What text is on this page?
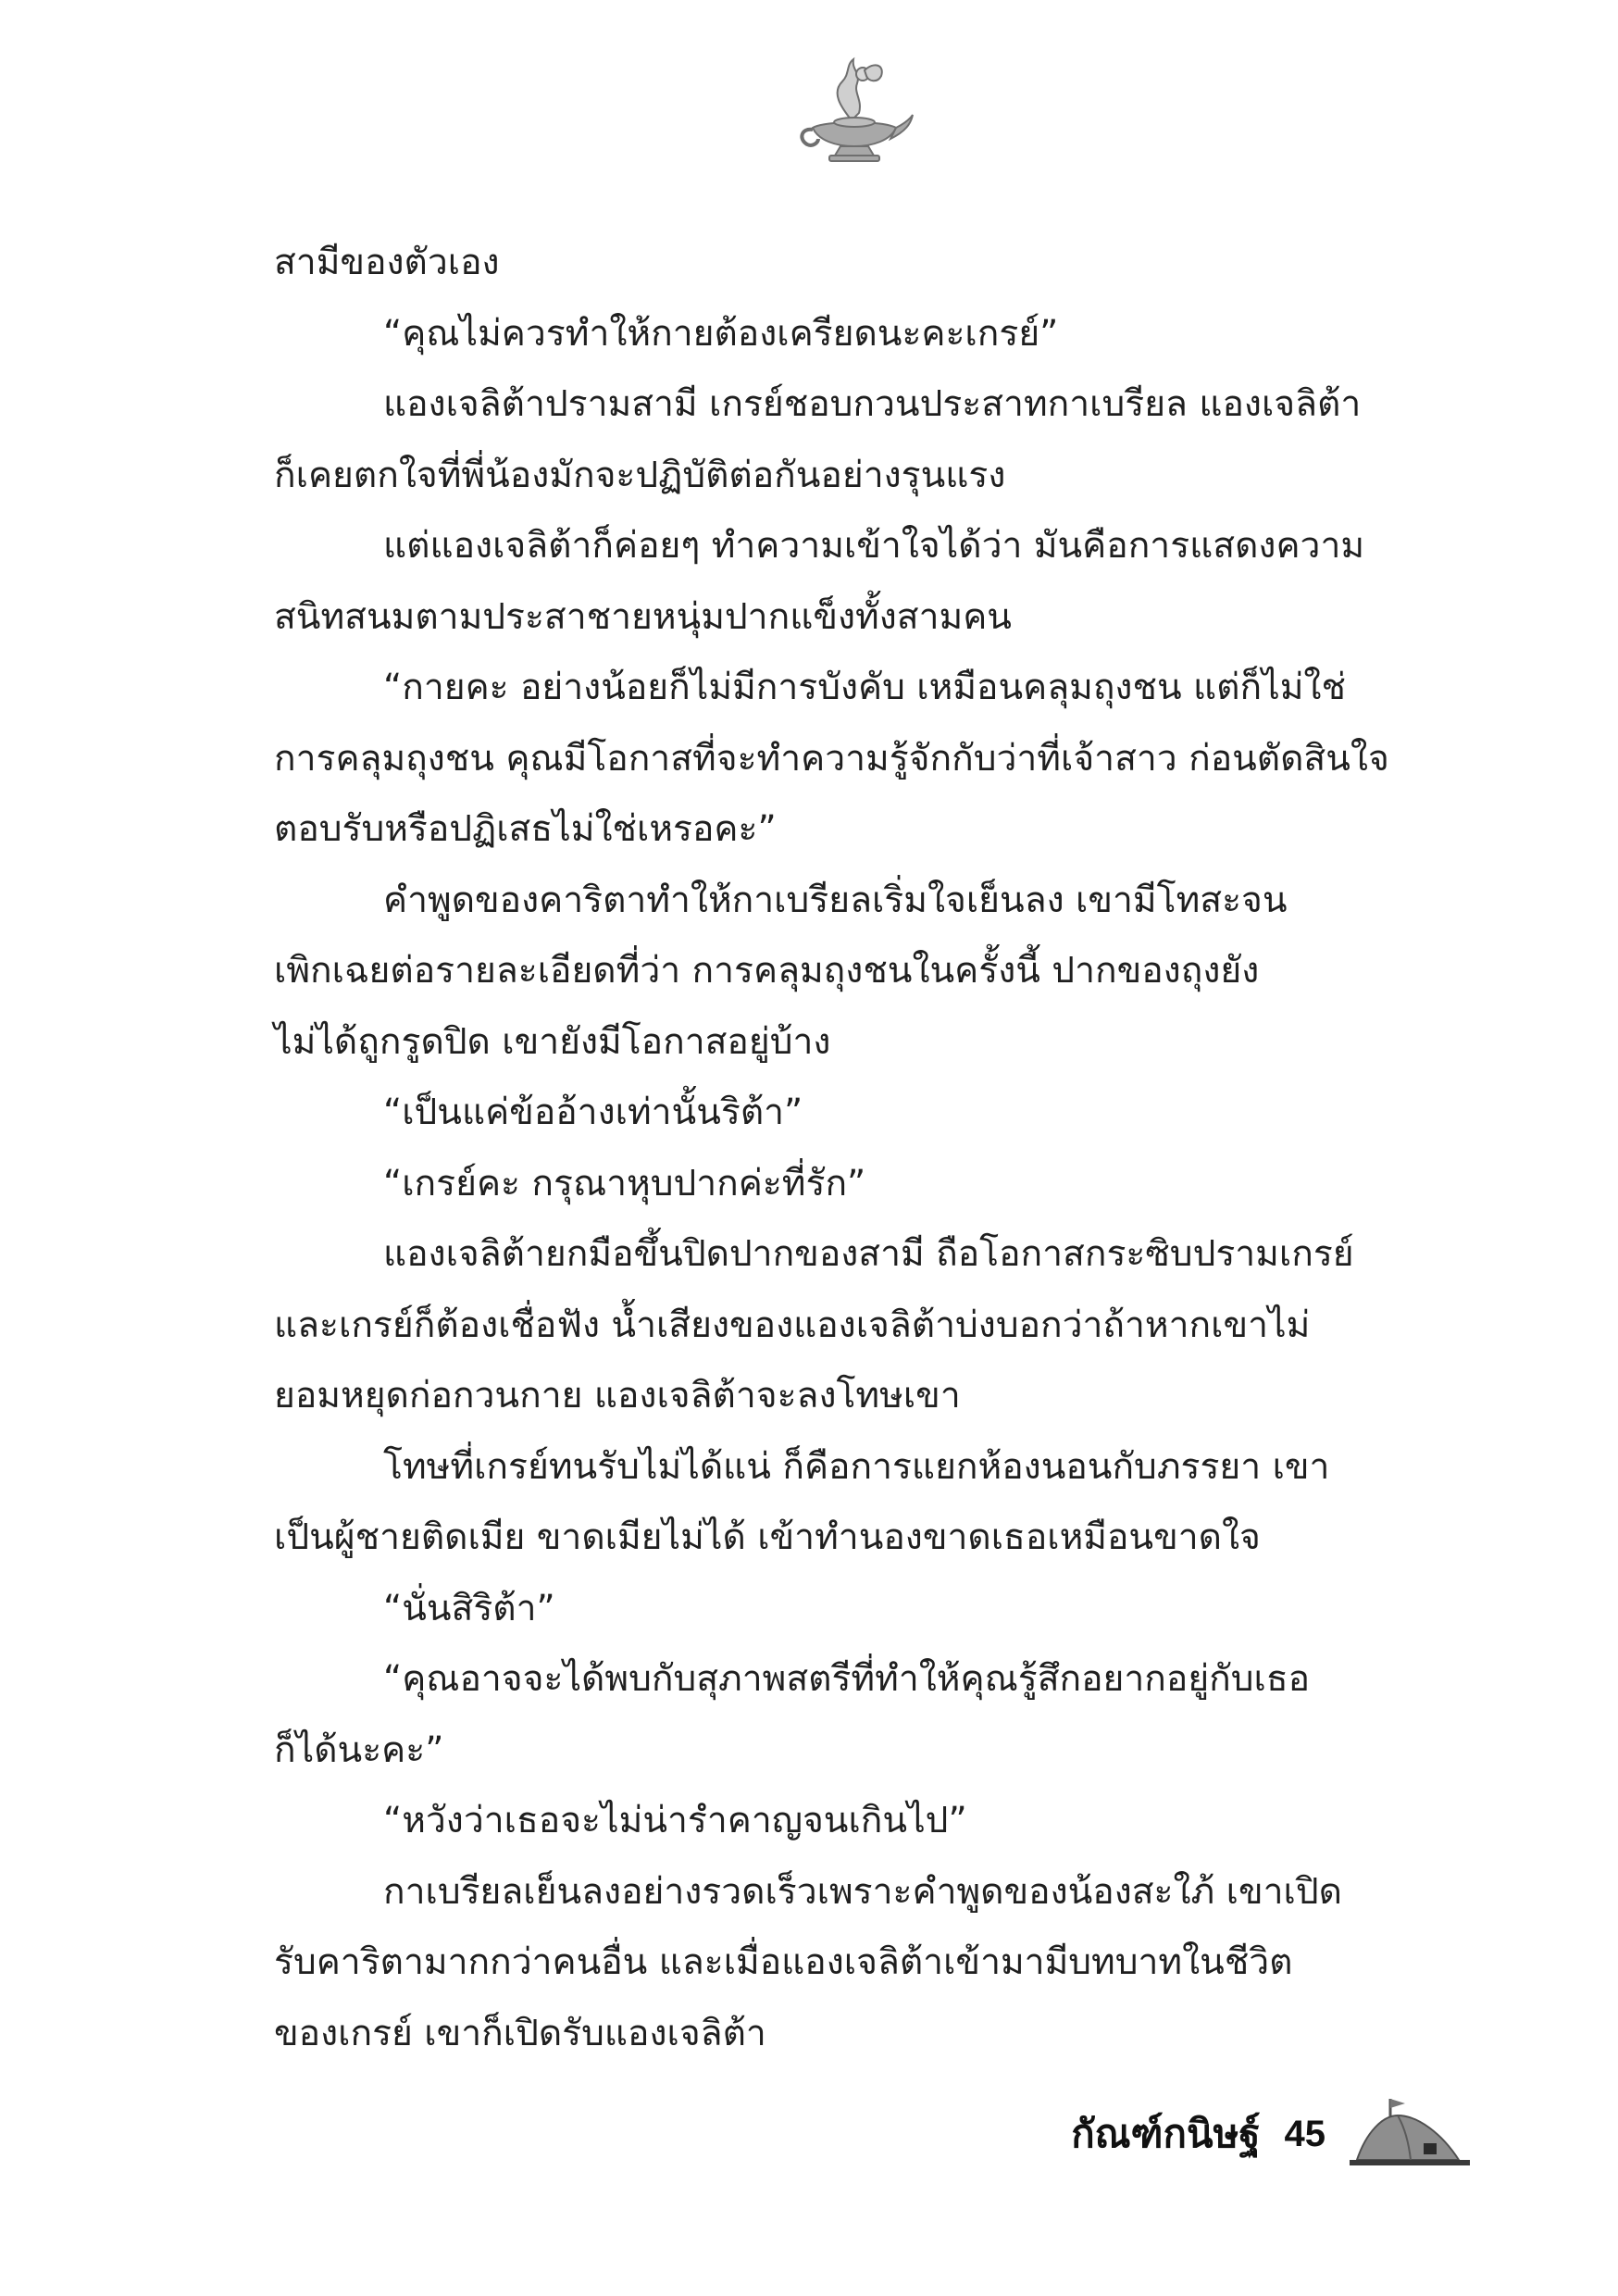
สามีของตัวเอง
“คุณไม่ควรทำให้กายต้องเครียดนะคะเกรย์”
แองเจลิต้าปรามสามี เกรย์ชอบกวนประสาทกาเบรียล แองเจลิต้า
ก็เคยตกใจที่พี่น้องมักจะปฏิบัติต่อกันอย่างรุนแรง
แต่แองเจลิต้าก็ค่อยๆ ทำความเข้าใจได้ว่า มันคือการแสดงความ
สนิทสนมตามประสาชายหนุ่มปากแข็งทั้งสามคน
“กายคะ อย่างน้อยก็ไม่มีการบังคับ เหมือนคลุมถุงชน แต่ก็ไม่ใช่
การคลุมถุงชน คุณมีโอกาสที่จะทำความรู้จักกับว่าที่เจ้าสาว ก่อนตัดสินใจ
ตอบรับหรือปฏิเสธไม่ใช่เหรอคะ”
คำพูดของคาริตาทำให้กาเบรียลเริ่มใจเย็นลง เขามีโทสะจน
เพิกเฉยต่อรายละเอียดที่ว่า การคลุมถุงชนในครั้งนี้ ปากของถุงยัง
ไม่ได้ถูกรูดปิด เขายังมีโอกาสอยู่บ้าง
“เป็นแค่ข้ออ้างเท่านั้นริต้า”
“เกรย์คะ กรุณาหุบปากค่ะที่รัก”
แองเจลิต้ายกมือขึ้นปิดปากของสามี ถือโอกาสกระซิบปรามเกรย์
และเกรย์ก็ต้องเชื่อฟัง น้ำเสียงของแองเจลิต้าบ่งบอกว่าถ้าหากเขาไม่
ยอมหยุดก่อกวนกาย แองเจลิต้าจะลงโทษเขา
โทษที่เกรย์ทนรับไม่ได้แน่ ก็คือการแยกห้องนอนกับภรรยา เขา
เป็นผู้ชายติดเมีย ขาดเมียไม่ได้ เข้าทำนองขาดเธอเหมือนขาดใจ
“นั่นสิริต้า”
“คุณอาจจะได้พบกับสุภาพสตรีที่ทำให้คุณรู้สึกอยากอยู่กับเธอ
ก็ได้นะคะ”
“หวังว่าเธอจะไม่น่ารำคาญจนเกินไป”
กาเบรียลเย็นลงอย่างรวดเร็วเพราะคำพูดของน้องสะใภ้ เขาเปิด
รับคาริตามากกว่าคนอื่น และเมื่อแองเจลิต้าเข้ามามีบทบาทในชีวิต
ของเกรย์ เขาก็เปิดรับแองเจลิต้า
กัณฑ์กนิษฐ์ 45
